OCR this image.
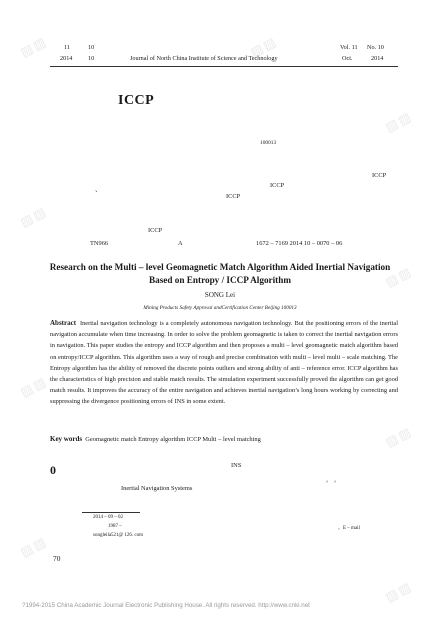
▨▨	▨▨
▨▨
▨▨
▨▨
▨▨
▨▨
▨▨
▨▨
11	10
2014	10	Journal of North China Institute of Science and Technology
Vol. 11 No. 10
Oct.	2014
ICCP
100013
、
ICCP
ICCP
ICCP
ICCP
TN966	A	1672 – 7169 2014 10 – 0070 – 06
Research on the Multi – level Geomagnetic Match Algorithm Aided Inertial Navigation
Based on Entropy / ICCP Algorithm
SONG Lei
Mining Products Safety Approval andCertification Center Beijing 100013
Abstract Inertial navigation technology is a completely autonomous navigation technology. But the positioning errors of the inertial navigation accumulate when time increasing. In order to solve the problem geomagnetic is taken to correct the inertial navigation errors in navigation. This paper studies the entropy and ICCP algorithm and then proposes a multi – level geomagnetic match algorithm based on entropy/ICCP algorithm. This algorithm uses a way of rough and precise combination with multi – level multi – scale matching. The Entropy algorithm has the ability of removed the discrete points outliers and strong ability of anti – reference error. ICCP algorithm has the characteristics of high precision and stable match results. The simulation experiment successfully proved the algorithm can get good match results. It improves the accuracy of the entire navigation and achieves inertial navigation’s long hours working by correcting and suppressing the divergence positioning errors of INS in some extent.
Key words Geomagnetic match Entropy algorithm ICCP Multi – level matching
0	INS
， ，
Inertial Navigation Systems
2014 – 09 – 02
1987 –	。E – mail
songleila521@ 126. com
70
?1994-2015 China Academic Journal Electronic Publishing House. All rights reserved. http://www.cnki.net
